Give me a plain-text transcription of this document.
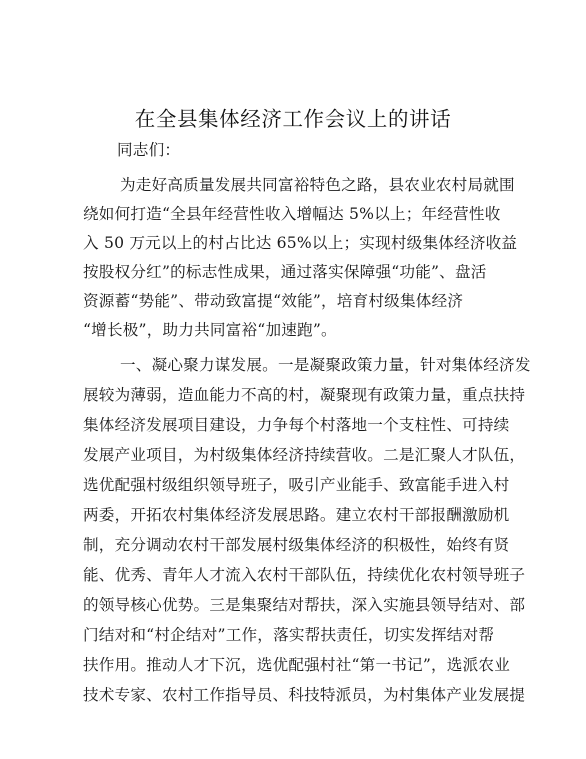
在全县集体经济工作会议上的讲话
同志们：
为走好高质量发展共同富裕特色之路，县农业农村局就围
绕如何打造“全县年经营性收入增幅达 5%以上；年经营性收
入 50 万元以上的村占比达 65%以上；实现村级集体经济收益
按股权分红”的标志性成果，通过落实保障强“功能”、盘活
资源蓄“势能”、带动致富提“效能”，培育村级集体经济
“增长极”，助力共同富裕“加速跑”。
一、凝心聚力谋发展。一是凝聚政策力量，针对集体经济发
展较为薄弱，造血能力不高的村，凝聚现有政策力量，重点扶持
集体经济发展项目建设，力争每个村落地一个支柱性、可持续
发展产业项目，为村级集体经济持续营收。二是汇聚人才队伍，
选优配强村级组织领导班子，吸引产业能手、致富能手进入村
两委，开拓农村集体经济发展思路。建立农村干部报酬激励机
制，充分调动农村干部发展村级集体经济的积极性，始终有贤
能、优秀、青年人才流入农村干部队伍，持续优化农村领导班子
的领导核心优势。三是集聚结对帮扶，深入实施县领导结对、部
门结对和“村企结对”工作，落实帮扶责任，切实发挥结对帮
扶作用。推动人才下沉，选优配强村社“第一书记”，选派农业
技术专家、农村工作指导员、科技特派员，为村集体产业发展提
